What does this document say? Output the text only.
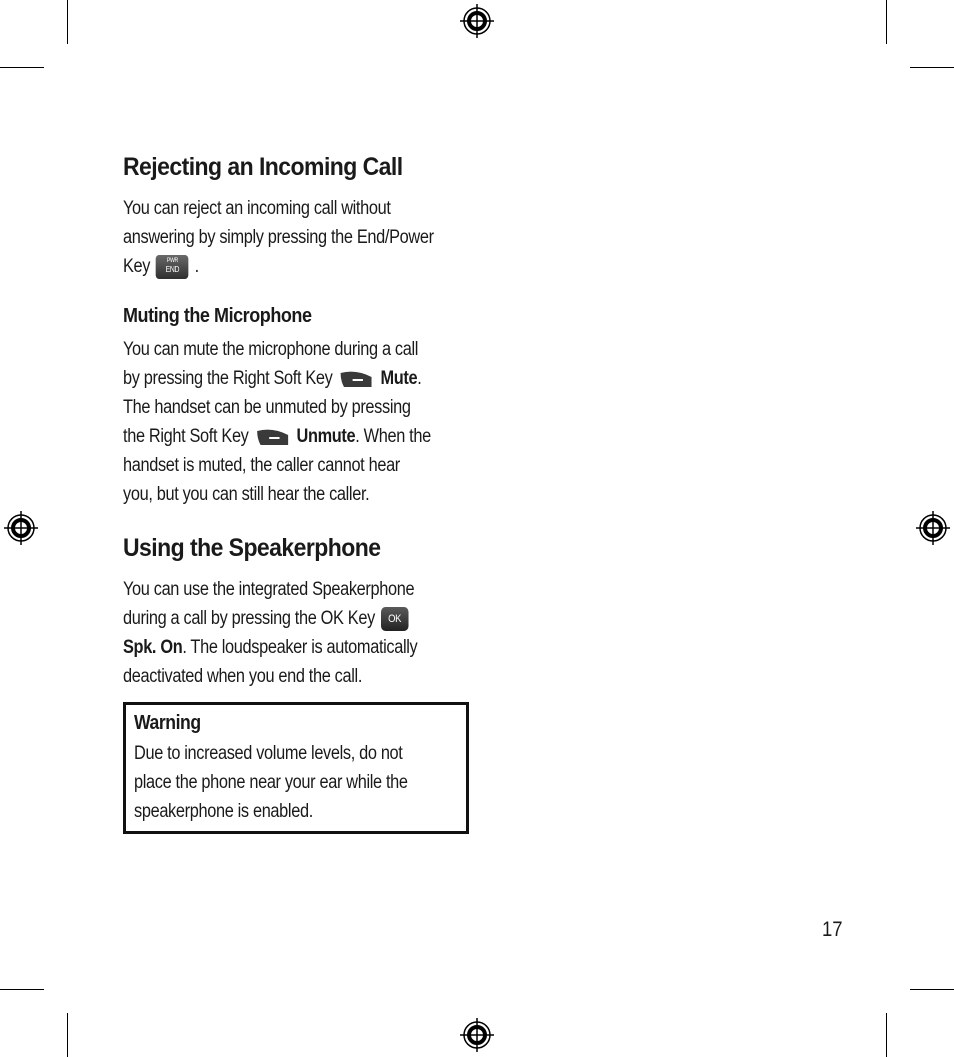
Rejecting an Incoming Call
You can reject an incoming call without
answering by simply pressing the End/Power
Key	PWR
END .
Muting the Microphone
You can mute the microphone during a call
by pressing the Right Soft Key	Mute.
The handset can be unmuted by pressing
the Right Soft Key	Unmute. When the
handset is muted, the caller cannot hear
you, but you can still hear the caller.
Using the Speakerphone
You can use the integrated Speakerphone
during a call by pressing the OK Key OK
Spk. On. The loudspeaker is automatically
deactivated when you end the call.
Warning
Due to increased volume levels, do not
place the phone near your ear while the
speakerphone is enabled.
17
